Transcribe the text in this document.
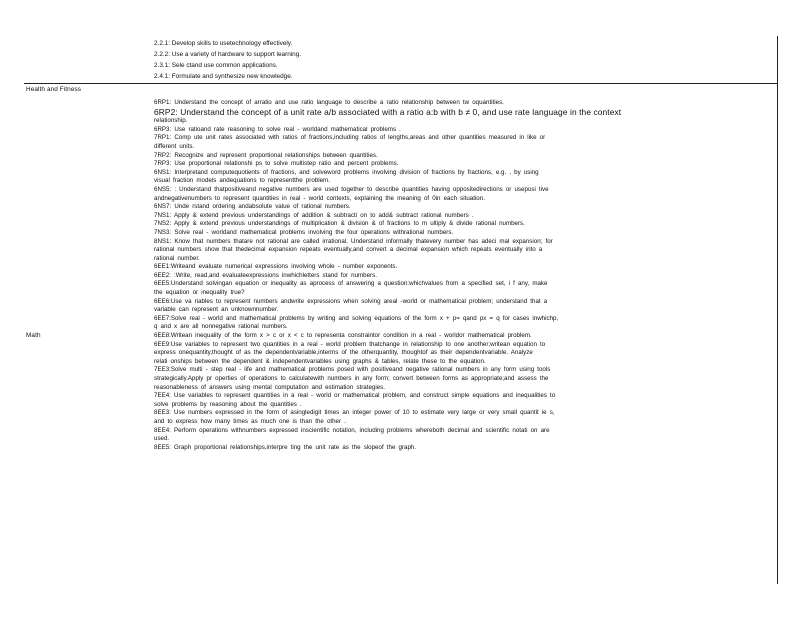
2.2.1: Develop skills to usetechnology effectively.
2.2.2: Use a variety of hardware to support learning.
2.3.1: Sele ctand use common applications.
2.4.1: Formulate and synthesize new knowledge.
Health and Fitness
Math
6RP1: Understand the concept of arratio and use ratio language to describe a ratio relationship between tw oquantities.
6RP2: Understand the concept of a unit rate a/b associated with a ratio a:b with b ≠ 0, and use rate language in the context
relationship.
6RP3: Use ratioand rate reasoning to solve real - worldand mathematical problems .
7RP1: Comp ute unit rates associated with ratios of fractions,including ratios of lengths,areas and other quantities measured in like or
different units.
7RP2: Recognize and represent proportional relationships between quantities.
7RP3: Use proportional relationshi ps to solve multistep ratio and percent problems.
6NS1: Interpretand computequotients of fractions, and solveword problems involving division of fractions by fractions, e.g. , by using
visual fraction models andequations to representthe problem.
6NS5: : Understand thatpositiveand negative numbers are used together to describe quantities having oppositedirections or useposi tive
andnegativenumbers to represent quantities in real - world contexts, explaining the meaning of 0in each situation.
6NS7: Unde rstand ordering andabsolute value of rational numbers.
7NS1: Apply & extend previous understandings of addition & subtracti on to add& subtract rational numbers .
7NS2: Apply & extend previous understandings of multiplication & division & of fractions to m ultiply & divide rational numbers.
7NS3: Solve real - worldand mathematical problems involving the four operations withrational numbers.
8NS1: Know that numbers thatare not rational are called irrational. Understand informally thatevery number has adeci mal expansion; for
rational numbers show that thedecimal expansion repeats eventually,and convert a decimal expansion which repeats eventually into a
rational number.
6EE1:Writeand evaluate numerical expressions involving whole - number exponents.
6EE2: :Write, read,and evaluateexpressions inwhichletters stand for numbers.
6EE5:Understand solvingan equation or inequality as aprocess of answering a question:whichvalues from a specified set, i f any, make
the equation or inequality true?
6EE6:Use va riables to represent numbers andwrite expressions when solving areal -world or mathematical problem; understand that a
variable can represent an unknownnumber.
6EE7:Solve real - world and mathematical problems by writing and solving equations of the form x + p= qand px = q for cases inwhichp,
q and x are all nonnegative rational numbers.
6EE8:Writean inequality of the form x > c or x < c to representa constraintor condition in a real - worldor mathematical problem.
6EE9:Use variables to represent two quantities in a real - world problem thatchange in relationship to one another;writean equation to
express onequantity,thought of as the dependentvariable,interms of the otherquantity, thoughtof as their dependentvariable. Analyze
relati onships between the dependent & independentvariables using graphs & tables, relate these to the equation.
7EE3:Solve multi - step real - life and mathematical problems posed with positiveand negative rational numbers in any form using tools
strategically.Apply pr operties of operations to calculatewith numbers in any form; convert between forms as appropriate;and assess the
reasonableness of answers using mental computation and estimation strategies.
7EE4: Use variables to represent quantities in a real - world or mathematical problem, and construct simple equations and inequalities to
solve problems by reasoning about the quantities .
8EE3: Use numbers expressed in the form of asingledigit times an integer power of 10 to estimate very large or very small quantit ie s,
and to express how many times as much one is than the other .
8EE4: Perform operations withnumbers expressed inscientific notation, including problems whereboth decimal and scientific notati on are
used.
8EE5: Graph proportional relationships,interpre ting the unit rate as the slopeof the graph.
